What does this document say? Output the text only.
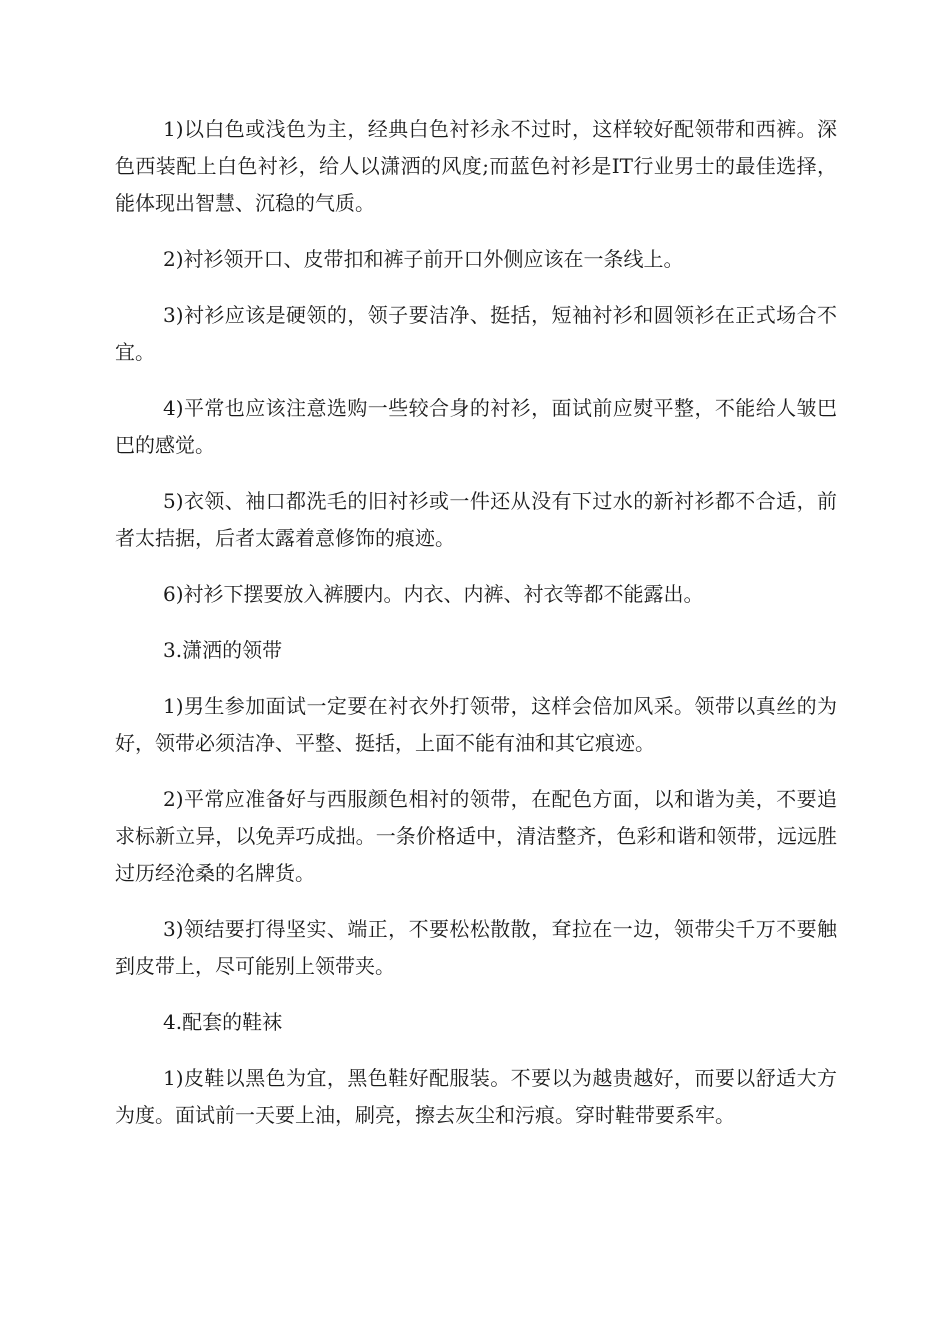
1)以白色或浅色为主，经典白色衬衫永不过时，这样较好配领带和西裤。深色西装配上白色衬衫，给人以潇洒的风度;而蓝色衬衫是IT行业男士的最佳选择，能体现出智慧、沉稳的气质。

2)衬衫领开口、皮带扣和裤子前开口外侧应该在一条线上。

3)衬衫应该是硬领的，领子要洁净、挺括，短袖衬衫和圆领衫在正式场合不宜。

4)平常也应该注意选购一些较合身的衬衫，面试前应熨平整，不能给人皱巴巴的感觉。

5)衣领、袖口都洗毛的旧衬衫或一件还从没有下过水的新衬衫都不合适，前者太拮据，后者太露着意修饰的痕迹。

6)衬衫下摆要放入裤腰内。内衣、内裤、衬衣等都不能露出。

3.潇洒的领带

1)男生参加面试一定要在衬衣外打领带，这样会倍加风采。领带以真丝的为好，领带必须洁净、平整、挺括，上面不能有油和其它痕迹。

2)平常应准备好与西服颜色相衬的领带，在配色方面，以和谐为美，不要追求标新立异，以免弄巧成拙。一条价格适中，清洁整齐，色彩和谐和领带，远远胜过历经沧桑的名牌货。

3)领结要打得坚实、端正，不要松松散散，耷拉在一边，领带尖千万不要触到皮带上，尽可能别上领带夹。

4.配套的鞋袜

1)皮鞋以黑色为宜，黑色鞋好配服装。不要以为越贵越好，而要以舒适大方为度。面试前一天要上油，刷亮，擦去灰尘和污痕。穿时鞋带要系牢。
